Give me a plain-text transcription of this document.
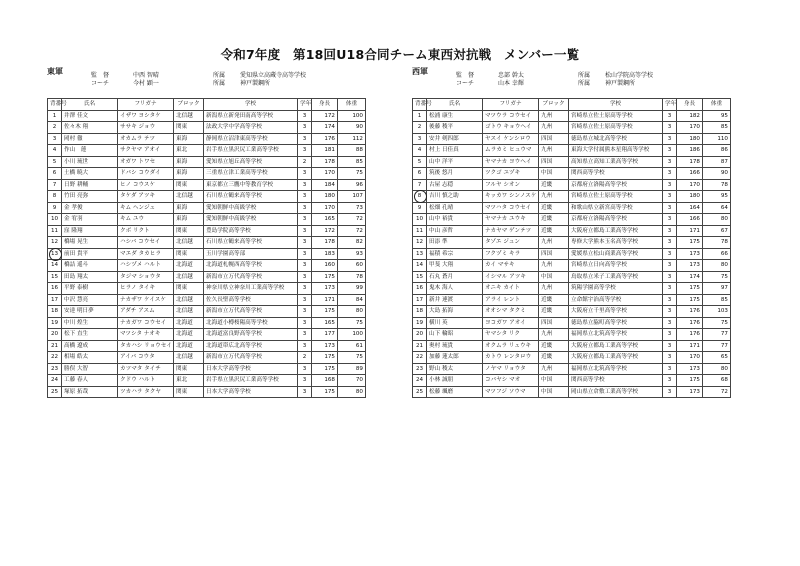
令和7年度　第18回U18合同チーム東西対抗戦　メンバー一覧
東軍	監　督	中西 智晴	所属 愛知県立高蔵寺高等学校
コーチ	今村 顕一	所属 神戸製鋼所
背番号	氏名	フリガナ	ブロック	学校	学年	身長	体重
1	井澤 佳文	イザワ ヨシタケ	北信越	新潟県立新発田南高等学校	3	172	100
2	佐々木 翔	ササキ ジョウ	関東	法政大学中学高等学校	3	174	90
3	岡村 徹	オカムラ テツ	東海	静岡県立沼津東高等学校	3	176	112
4	作山　蓮	サクヤマ アオイ	東北	岩手県立黒沢尻工業高等学校	3	181	88
5	小川 琉世	オガワ トワセ	東海	愛知県立旭丘高等学校	2	178	85
6	土橋 暁大	ドバシ コウダイ	東海	三重県立津工業高等学校	3	170	75
7	日野 耕輔	ヒノ コウスケ	関東	東京都立三鷹中等教育学校	3	184	96
8	竹田 亮弥	タケダ アツキ	北信越	石川県立鶴来高等学校	3	180	107
9	金 孝俊	キム ヘンジュ	東海	愛知朝鮮中高級学校	3	170	73
10	金 宥羽	キム ユウ	東海	愛知朝鮮中高級学校	3	165	72
11	窪 隆翔	クボ リクト	関東	豊島学院高等学校	3	172	72
12	橋場 晃生	ハシバ コウセイ	北信越	石川県立鶴来高等学校	3	178	82
13	前田 貴平	マエダ タカヒラ	関東	玉川学園高等部	3	183	93
14	橋詰 遥斗	ハシヅメ ハルト	北海道	北海道札幌西高等学校	3	160	60
15	田島 翔太	タジマ ショウタ	北信越	新潟市立万代高等学校	3	175	78
16	平野 泰樹	ヒラノ タイキ	関東	神奈川県立神奈川工業高等学校	3	173	99
17	中沢 慧亮	ナカザワ ケイスケ	北信越	佐久長聖高等学校	3	171	84
18	安達 明日夢	アダチ アスム	北信越	新潟市立万代高等学校	3	175	80
19	中川 煌生	ナカガワ コウセイ	北海道	北海道小樽桜陽高等学校	3	165	75
20	松下 直生	マツシタ ナオキ	北海道	北海道富良野高等学校	3	177	100
21	高橋 遼成	タカハシ リョウセイ	北海道	北海道帯広北高等学校	3	173	61
22	相場 皓太	アイバ コウタ	北信越	新潟市立万代高等学校	2	175	75
23	勝俣 大智	カツマタ タイチ	関東	日本大学高等学校	3	175	89
24	工藤 春人	クドウ ハルト	東北	岩手県立黒沢尻工業高等学校	3	168	70
25	塚原 拓哉	ツカハラ タクヤ	関東	日本大学高等学校	3	175	80
西軍	監　督	忠部 幹太	所属 松山学院高等学校
コーチ	山本 幸輝	所属 神戸製鋼所
背番号	氏名	フリガナ	ブロック	学校	学年	身長	体重
1	松浦 康生	マツウラ コウセイ	九州	宮崎県立佐土原高等学校	3	182	95
2	後藤 稜平	ゴトウ キョウヘイ	九州	宮崎県立佐土原高等学校	3	170	85
3	安井 剣四郎	ヤスイ ケンシロウ	四国	徳島県立城北高等学校	3	180	110
4	村上 日佳真	ムラカミ ヒュウマ	九州	東海大学付属熊本星翔高等学校	3	186	86
5	山中 洋平	ヤマナカ ヨウヘイ	四国	高知県立高知工業高等学校	3	178	87
6	筑後 悠月	ツクゴ ユヅキ	中国	関西高等学校	3	166	90
7	古屋 志穏	フルヤ シオン	近畿	京都府立洛陽高等学校	3	170	78
8	吉川 慎之助	キッカワ シンノスケ	九州	宮崎県立佐土原高等学校	3	180	95
9	松畑 孔晴	マツハタ コウセイ	近畿	和歌山県立新宮高等学校	3	164	64
10	山中 裕貴	ヤマナカ ユウキ	近畿	京都府立洛陽高等学校	3	166	80
11	中山 彦哲	ナカヤマ ゲンテツ	近畿	大阪府立都島工業高等学校	3	171	67
12	田添 準	タゾエ ジュン	九州	専修大学熊本玉名高等学校	3	175	78
13	福積 希宗	フクヅミ キラ	四国	愛媛県立松山商業高等学校	3	173	66
14	甲斐 大翔	カイ マサキ	九州	宮崎県立日向高等学校	3	173	80
15	石丸 蒼月	イシマル アツキ	中国	鳥取県立米子工業高等学校	3	174	75
16	鬼木 海人	オニキ カイト	九州	筑陽学園高等学校	3	175	97
17	新井 連渡	アライ レント	近畿	立命館宇治高等学校	3	175	85
18	大島 拓海	オオシマ タクミ	近畿	大阪府立千里高等学校	3	176	103
19	横川 英	ヨコガワ アオイ	四国	徳島県立脇町高等学校	3	176	75
20	山下 輪昭	ヤマシタ リク	九州	福岡県立北筑高等学校	3	176	77
21	奥村 琉貴	オクムラ リュウキ	近畿	大阪府立都島工業高等学校	3	171	77
22	加藤 蓮太郎	カトウ レンタロウ	近畿	大阪府立都島工業高等学校	3	170	65
23	野山 稜太	ノヤマ リョウタ	九州	福岡県立北筑高等学校	3	173	80
24	小林 誠朋	コバヤシ マオ	中国	関西高等学校	3	175	68
25	松藤 颯磨	マツフジ ソウマ	中国	岡山県立倉敷工業高等学校	3	173	72
